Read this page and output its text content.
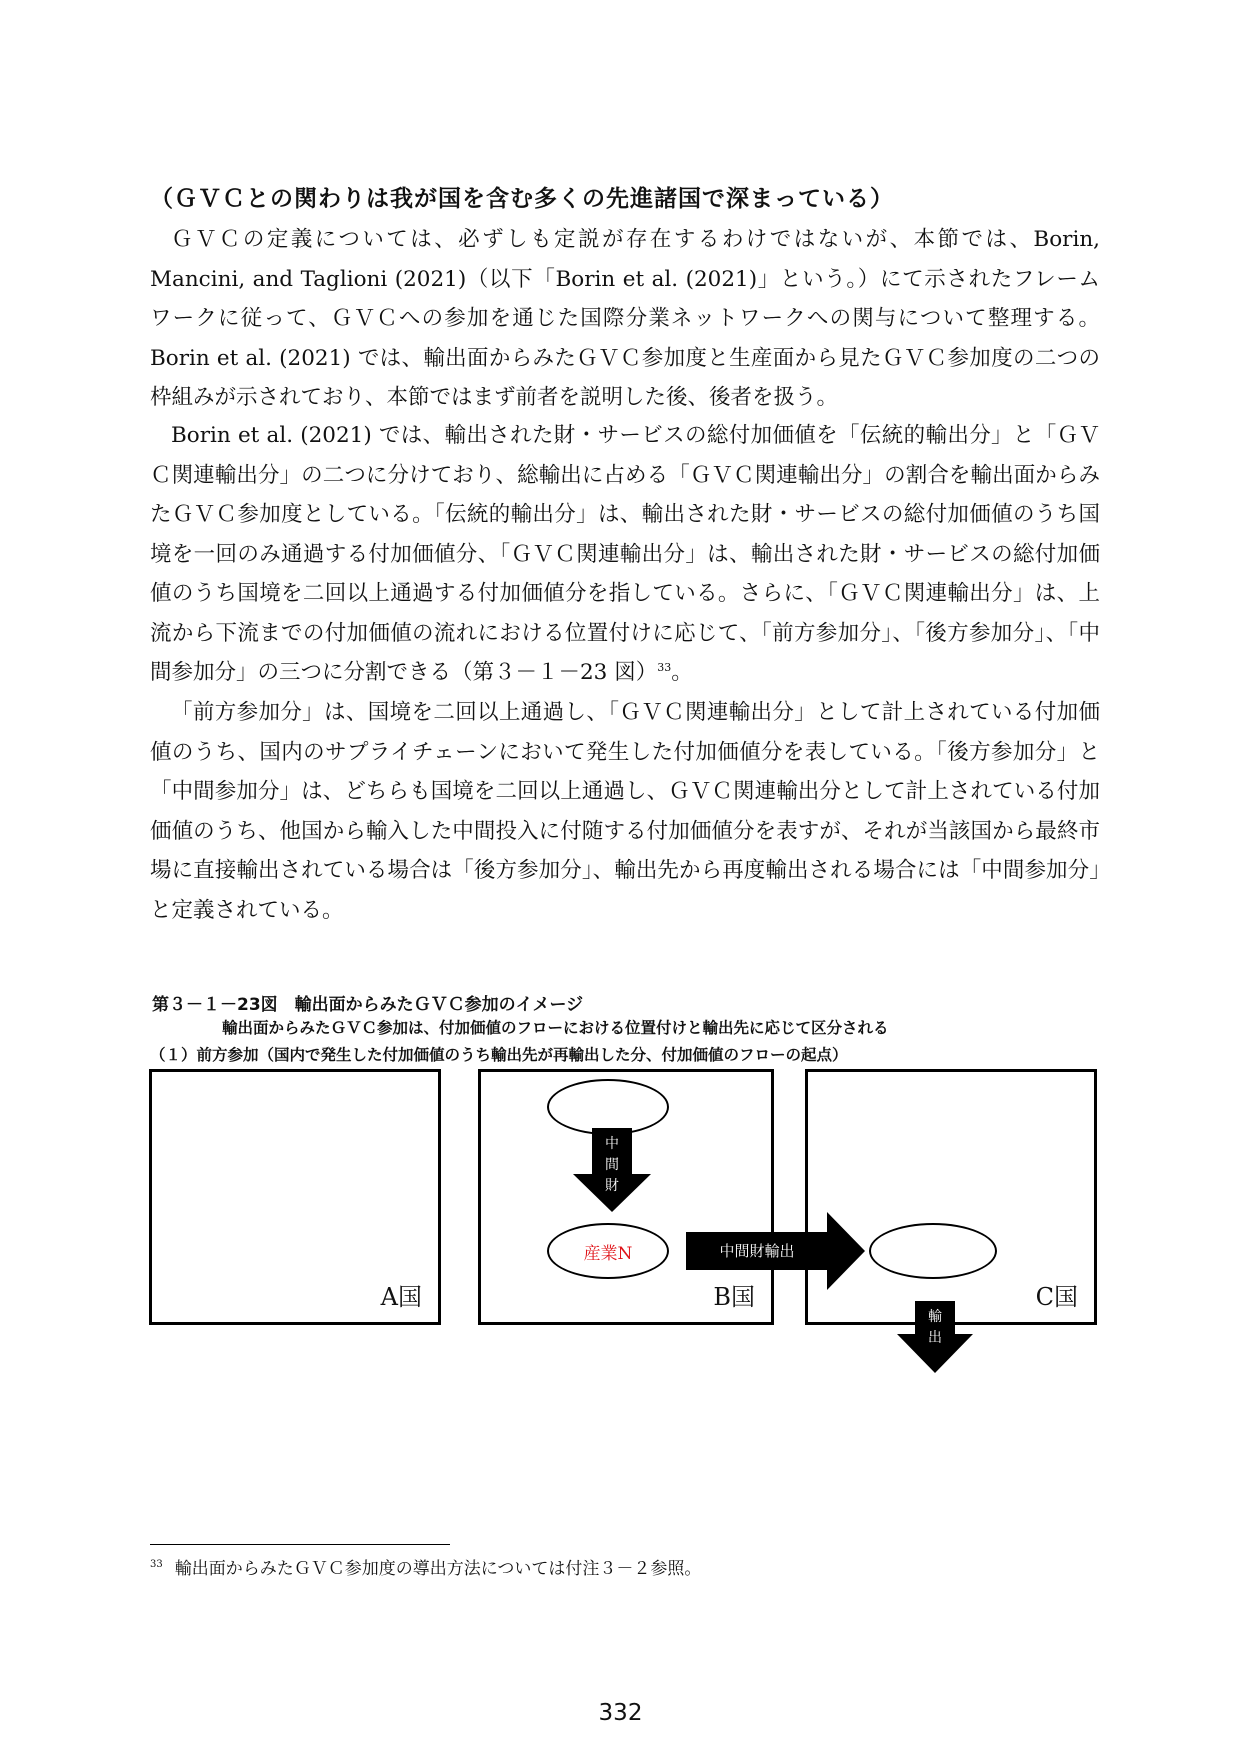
（ＧＶＣとの関わりは我が国を含む多くの先進諸国で深まっている）

ＧＶＣの定義については、必ずしも定説が存在するわけではないが、本節では、Borin, Mancini, and Taglioni (2021)（以下「Borin et al. (2021)」という。）にて示されたフレームワークに従って、ＧＶＣへの参加を通じた国際分業ネットワークへの関与について整理する。Borin et al. (2021) では、輸出面からみたＧＶＣ参加度と生産面から見たＧＶＣ参加度の二つの枠組みが示されており、本節ではまず前者を説明した後、後者を扱う。

Borin et al. (2021) では、輸出された財・サービスの総付加価値を「伝統的輸出分」と「ＧＶＣ関連輸出分」の二つに分けており、総輸出に占める「ＧＶＣ関連輸出分」の割合を輸出面からみたＧＶＣ参加度としている。「伝統的輸出分」は、輸出された財・サービスの総付加価値のうち国境を一回のみ通過する付加価値分、「ＧＶＣ関連輸出分」は、輸出された財・サービスの総付加価値のうち国境を二回以上通過する付加価値分を指している。さらに、「ＧＶＣ関連輸出分」は、上流から下流までの付加価値の流れにおける位置付けに応じて、「前方参加分」、「後方参加分」、「中間参加分」の三つに分割できる（第３－１－23 図）$^{33}$。

「前方参加分」は、国境を二回以上通過し、「ＧＶＣ関連輸出分」として計上されている付加価値のうち、国内のサプライチェーンにおいて発生した付加価値分を表している。「後方参加分」と「中間参加分」は、どちらも国境を二回以上通過し、ＧＶＣ関連輸出分として計上されている付加価値のうち、他国から輸入した中間投入に付随する付加価値分を表すが、それが当該国から最終市場に直接輸出されている場合は「後方参加分」、輸出先から再度輸出される場合には「中間参加分」と定義されている。

第３－１－23図　輸出面からみたＧＶＣ参加のイメージ
輸出面からみたＧＶＣ参加は、付加価値のフローにおける位置付けと輸出先に応じて区分される
（１）前方参加（国内で発生した付加価値のうち輸出先が再輸出した分、付加価値のフローの起点）
A国	B国	C国
中間財
産業N	中間財輸出
輸出
$^{33}$ 輸出面からみたＧＶＣ参加度の導出方法については付注３－２参照。
332
